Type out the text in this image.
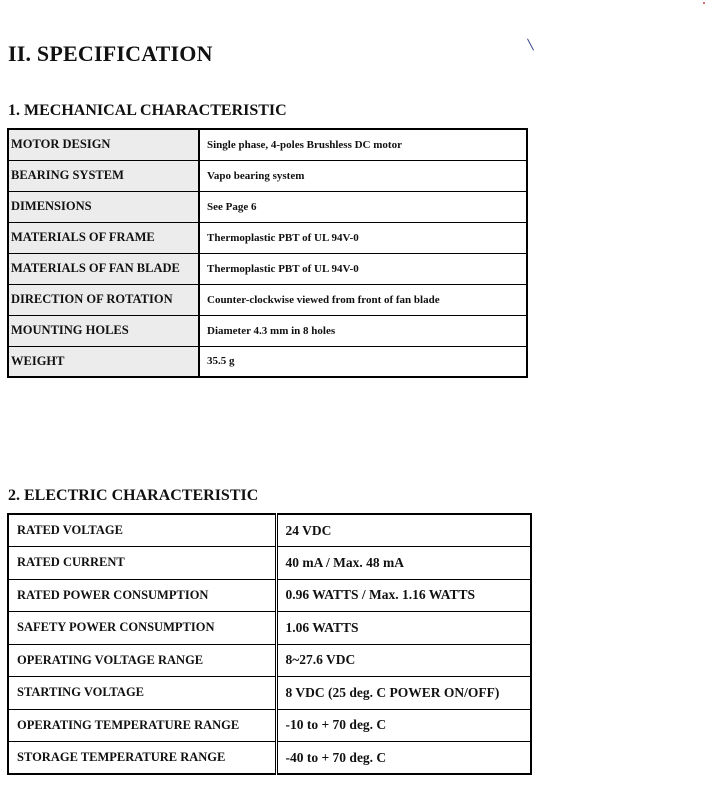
II. SPECIFICATION
1. MECHANICAL CHARACTERISTIC
MOTOR DESIGN	Single phase, 4-poles Brushless DC motor
BEARING SYSTEM	Vapo bearing system
DIMENSIONS	See Page 6
MATERIALS OF FRAME	Thermoplastic PBT of UL 94V-0
MATERIALS OF FAN BLADE	Thermoplastic PBT of UL 94V-0
DIRECTION OF ROTATION	Counter-clockwise viewed from front of fan blade
MOUNTING HOLES	Diameter 4.3 mm in 8 holes
WEIGHT	35.5 g
2. ELECTRIC CHARACTERISTIC
RATED VOLTAGE	24 VDC
RATED CURRENT	40 mA / Max. 48 mA
RATED POWER CONSUMPTION	0.96 WATTS / Max. 1.16 WATTS
SAFETY POWER CONSUMPTION	1.06 WATTS
OPERATING VOLTAGE RANGE	8~27.6 VDC
STARTING VOLTAGE	8 VDC (25 deg. C POWER ON/OFF)
OPERATING TEMPERATURE RANGE	-10 to + 70 deg. C
STORAGE TEMPERATURE RANGE	-40 to + 70 deg. C
